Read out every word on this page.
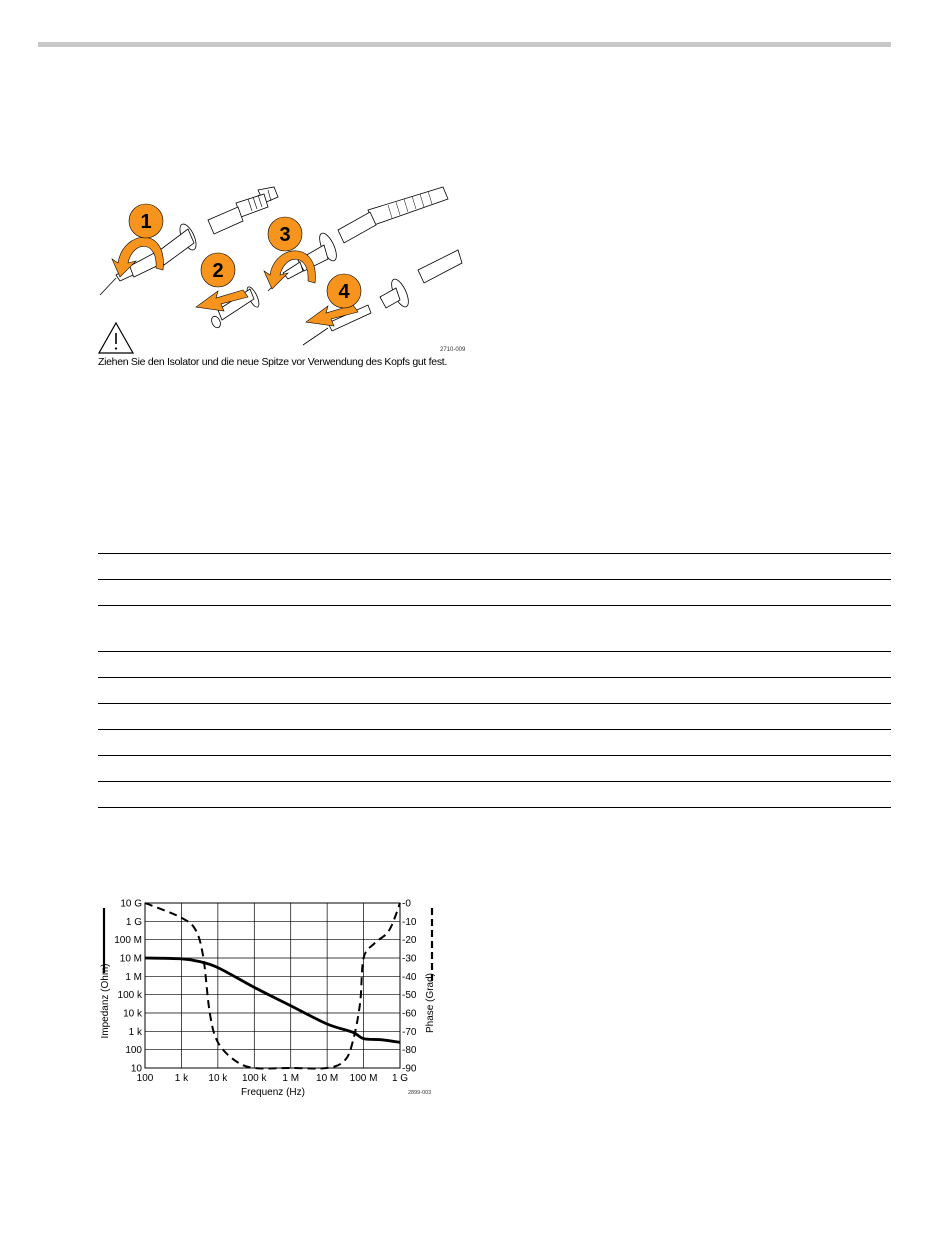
1
2
3
4
2710-009
Ziehen Sie den Isolator und die neue Spitze vor Verwendung des Kopfs gut fest.
100 1 k 10 k 100 k 1 M 10 M 100 M 1 G
10 G
1 G
100 M
10 M
1 M
100 k
10 k
1 k
100
10
-0
-10
-20
-30
-40
-50
-60
-70
-80
-90
Frequenz (Hz)
Impedanz (Ohm)	Phase (Grad)
2899-003
